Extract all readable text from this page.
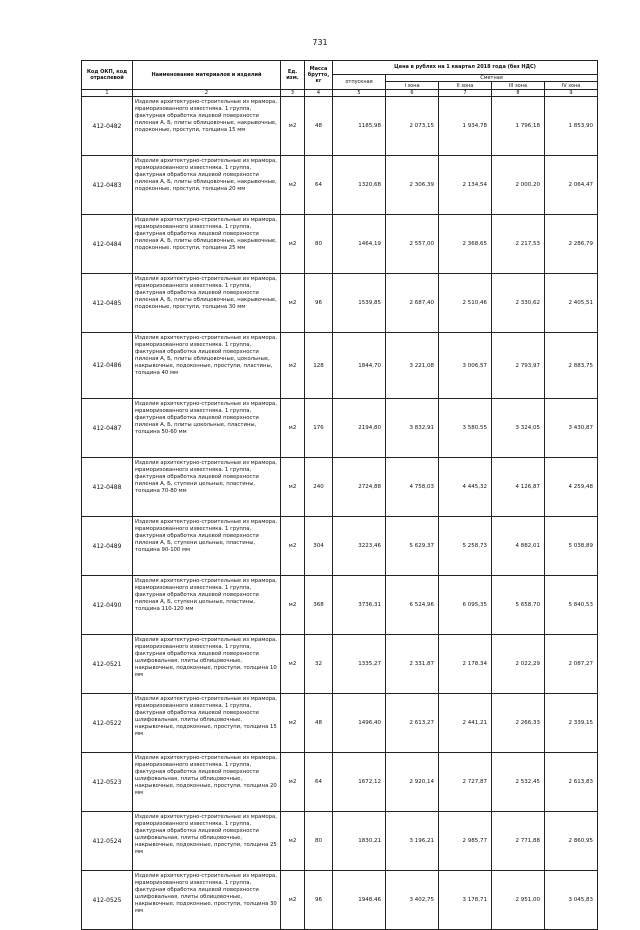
731
Код ОКП, код отраслевой	Наименование материалов и изделий	Ед. изм.	Масса брутто, кг	Цена в рублях на 1 квартал 2018 года (без НДС)				
				отпускная	Сметная			
					I зона	II зона	III зона	IV зона
1	2	3	4	5	6	7	8	9
412-0482	Изделия архитектурно-строительные из мрамора, мраморизованного известняка. 1 группа, фактурная обработка лицевой поверхности пиленая А, Б, плиты облицовочные, накрывочные, подоконные, проступи, толщина 15 мм	м2	48	1185,98	2 073,15	1 934,78	1 796,18	1 853,90
412-0483	Изделия архитектурно-строительные из мрамора, мраморизованного известняка. 1 группа, фактурная обработка лицевой поверхности пиленая А, Б, плиты облицовочные, накрывочные, подоконные, проступи, толщина 20 мм	м2	64	1320,68	2 306,39	2 134,54	2 000,20	2 064,47
412-0484	Изделия архитектурно-строительные из мрамора, мраморизованного известняка. 1 группа, фактурная обработка лицевой поверхности пиленая А, Б, плиты облицовочные, накрывочные, подоконные, проступи, толщина 25 мм	м2	80	1464,19	2 557,00	2 368,65	2 217,53	2 286,79
412-0485	Изделия архитектурно-строительные из мрамора, мраморизованного известняка. 1 группа, фактурная обработка лицевой поверхности пиленая А, Б, плиты облицовочные, накрывочные, подоконные, проступи, толщина 30 мм	м2	96	1539,85	2 687,40	2 510,46	2 330,62	2 405,51
412-0486	Изделия архитектурно-строительные из мрамора, мраморизованного известняка. 1 группа, фактурная обработка лицевой поверхности пиленая А, Б, плиты облицовочные, цокольные, накрывочные, подоконные, проступи, пластины, толщина 40 мм	м2	128	1844,70	3 221,08	3 006,57	2 793,97	2 883,75
412-0487	Изделия архитектурно-строительные из мрамора, мраморизованного известняка. 1 группа, фактурная обработка лицевой поверхности пиленая А, Б, плиты цокольные, пластины, толщина 50-60 мм	м2	176	2194,80	3 832,91	3 580,55	3 324,05	3 430,87
412-0488	Изделия архитектурно-строительные из мрамора, мраморизованного известняка. 1 группа, фактурная обработка лицевой поверхности пиленая А, Б, ступени цельные, пластины, толщина 70-80 мм	м2	240	2724,88	4 758,03	4 445,32	4 126,87	4 259,48
412-0489	Изделия архитектурно-строительные из мрамора, мраморизованного известняка. 1 группа, фактурная обработка лицевой поверхности пиленая А, Б, ступени цельные, пластины, толщина 90-100 мм	м2	304	3223,46	5 629,37	5 258,73	4 882,01	5 038,89
412-0490	Изделия архитектурно-строительные из мрамора, мраморизованного известняка. 1 группа, фактурная обработка лицевой поверхности пиленая А, Б, ступени цельные, пластины, толщина 110-120 мм	м2	368	3736,31	6 524,96	6 095,35	5 658,70	5 840,53
412-0521	Изделия архитектурно-строительные из мрамора, мраморизованного известняка. 1 группа, фактурная обработка лицевой поверхности шлифовальная, плиты облицовочные, накрывочные, подоконные, проступи, толщина 10 мм	м2	32	1335,27	2 331,87	2 178,34	2 022,29	2 087,27
412-0522	Изделия архитектурно-строительные из мрамора, мраморизованного известняка. 1 группа, фактурная обработка лицевой поверхности шлифовальная, плиты облицовочные, накрывочные, подоконные, проступи, толщина 15 мм	м2	48	1496,40	2 613,27	2 441,21	2 266,33	2 339,15
412-0523	Изделия архитектурно-строительные из мрамора, мраморизованного известняка. 1 группа, фактурная обработка лицевой поверхности шлифовальная, плиты облицовочные, накрывочные, подоконные, проступи, толщина 20 мм	м2	64	1672,12	2 920,14	2 727,87	2 532,45	2 613,83
412-0524	Изделия архитектурно-строительные из мрамора, мраморизованного известняка. 1 группа, фактурная обработка лицевой поверхности шлифовальная, плиты облицовочные, накрывочные, подоконные, проступи, толщина 25 мм	м2	80	1830,21	3 196,21	2 985,77	2 771,88	2 860,95
412-0525	Изделия архитектурно-строительные из мрамора, мраморизованного известняка. 1 группа, фактурная обработка лицевой поверхности шлифовальная, плиты облицовочные, накрывочные, подоконные, проступи, толщина 30 мм	м2	96	1948,46	3 402,75	3 178,71	2 951,00	3 045,83
